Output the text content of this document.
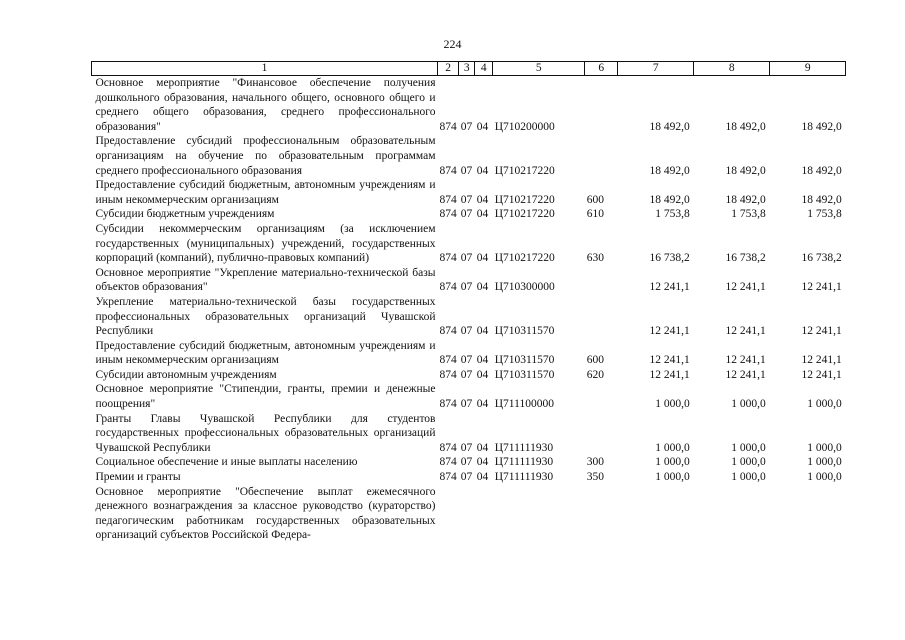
224
1	2	3	4	5	6	7	8	9
Основное мероприятие "Финансовое обеспечение получения дошкольного образования, начального общего, основного общего и среднего общего образования, среднего профессионального образования"	874	07	04	Ц710200000		18 492,0	18 492,0	18 492,0
Предоставление субсидий профессиональным образовательным организациям на обучение по образовательным программам среднего профессионального образования	874	07	04	Ц710217220		18 492,0	18 492,0	18 492,0
Предоставление субсидий бюджетным, автономным учреждениям и иным некоммерческим организациям	874	07	04	Ц710217220	600	18 492,0	18 492,0	18 492,0
Субсидии бюджетным учреждениям	874	07	04	Ц710217220	610	1 753,8	1 753,8	1 753,8
Субсидии некоммерческим организациям (за исключением государственных (муниципальных) учреждений, государственных корпораций (компаний), публично-правовых компаний)	874	07	04	Ц710217220	630	16 738,2	16 738,2	16 738,2
Основное мероприятие "Укрепление материально-технической базы объектов образования"	874	07	04	Ц710300000		12 241,1	12 241,1	12 241,1
Укрепление материально-технической базы государственных профессиональных образовательных организаций Чувашской Республики	874	07	04	Ц710311570		12 241,1	12 241,1	12 241,1
Предоставление субсидий бюджетным, автономным учреждениям и иным некоммерческим организациям	874	07	04	Ц710311570	600	12 241,1	12 241,1	12 241,1
Субсидии автономным учреждениям	874	07	04	Ц710311570	620	12 241,1	12 241,1	12 241,1
Основное мероприятие "Стипендии, гранты, премии и денежные поощрения"	874	07	04	Ц711100000		1 000,0	1 000,0	1 000,0
Гранты Главы Чувашской Республики для студентов государственных профессиональных образовательных организаций Чувашской Республики	874	07	04	Ц711111930		1 000,0	1 000,0	1 000,0
Социальное обеспечение и иные выплаты населению	874	07	04	Ц711111930	300	1 000,0	1 000,0	1 000,0
Премии и гранты	874	07	04	Ц711111930	350	1 000,0	1 000,0	1 000,0
Основное мероприятие "Обеспечение выплат ежемесячного денежного вознаграждения за классное руководство (кураторство) педагогическим работникам государственных образовательных организаций субъектов Российской Федера-								
